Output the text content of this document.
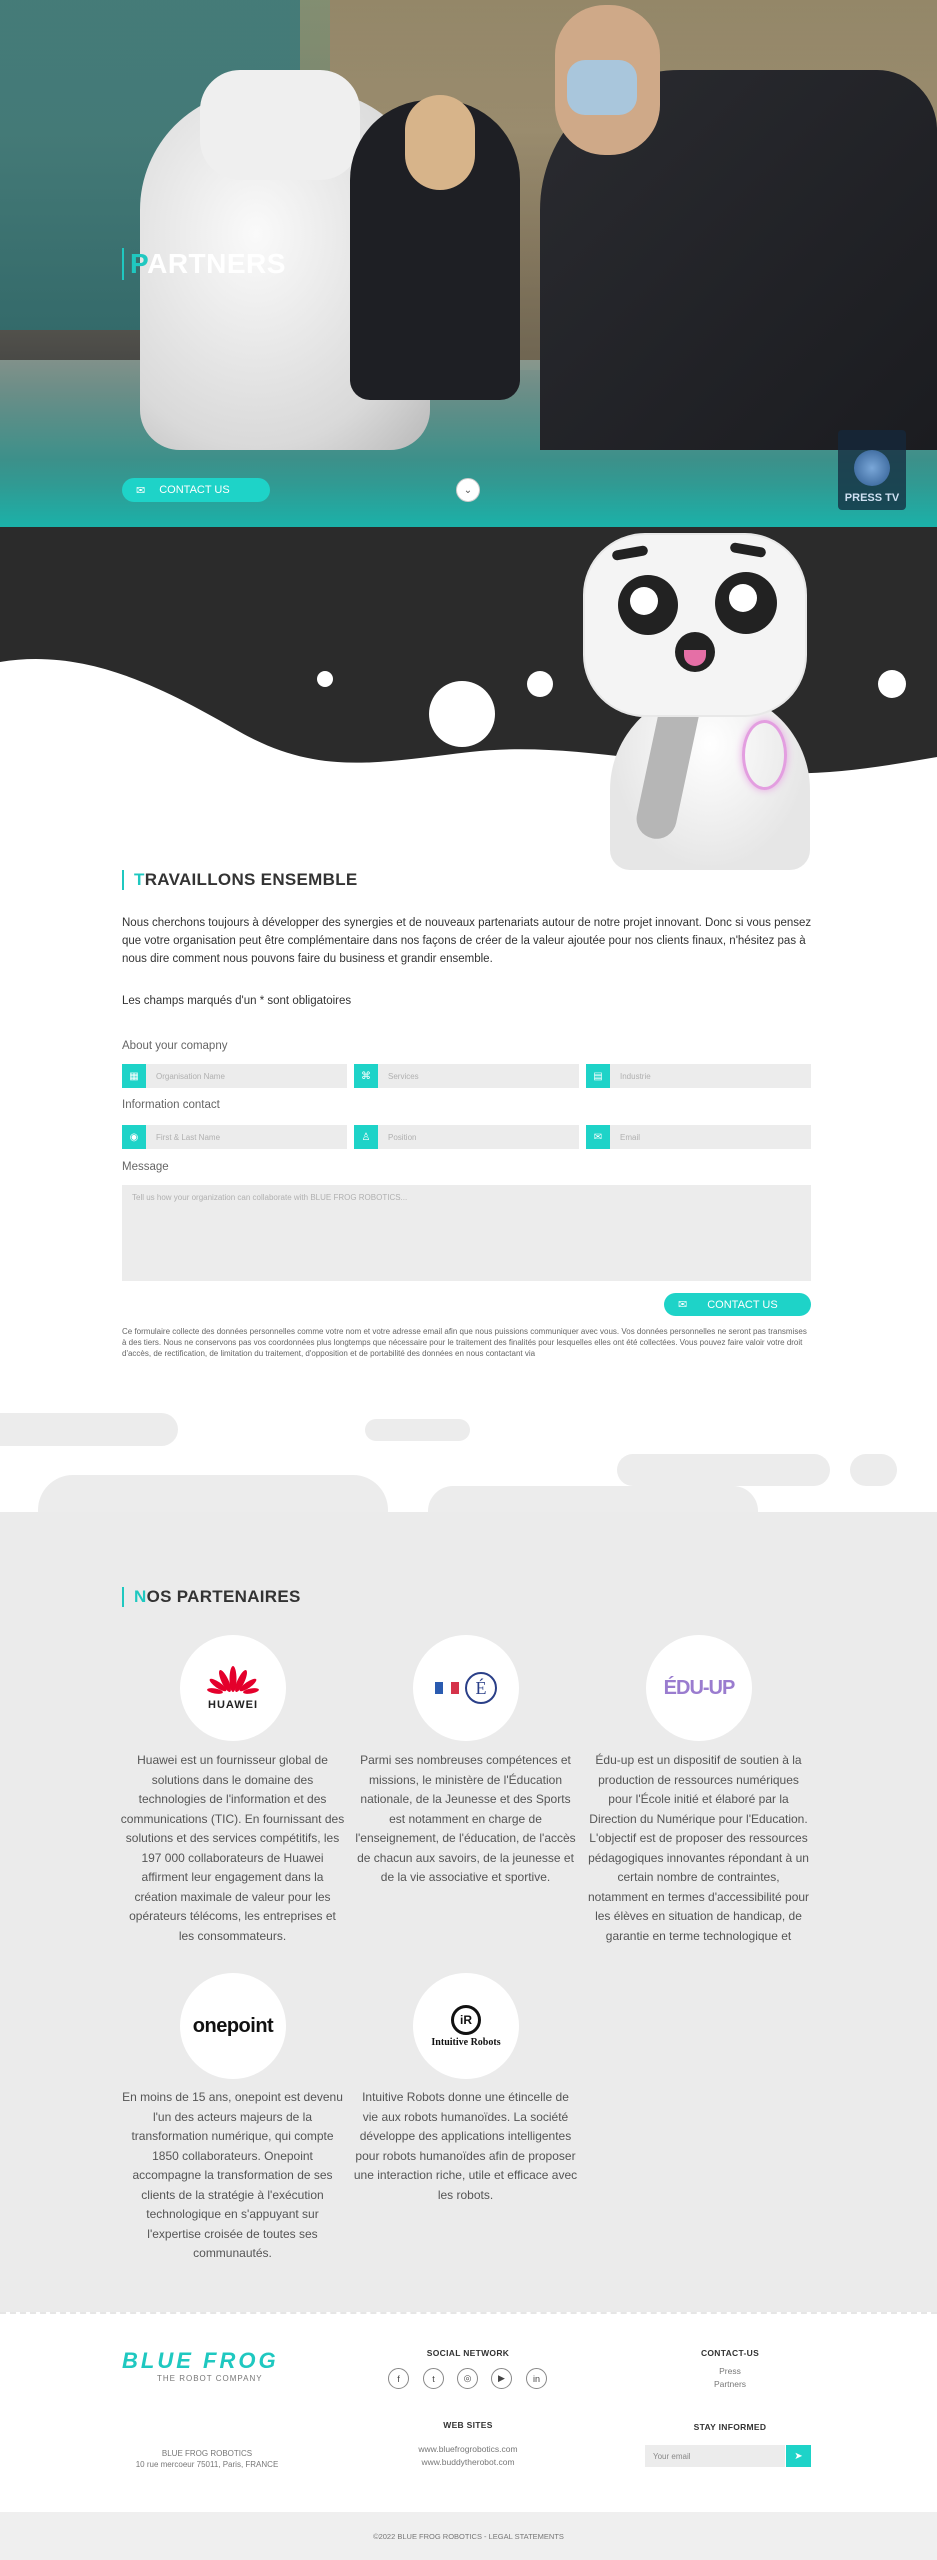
PARTNERS
✉ CONTACT US	⌄
PRESS TV
TRAVAILLONS ENSEMBLE

Nous cherchons toujours à développer des synergies et de nouveaux partenariats autour de notre projet innovant. Donc si vous pensez que votre organisation peut être complémentaire dans nos façons de créer de la valeur ajoutée pour nos clients finaux, n'hésitez pas à nous dire comment nous pouvons faire du business et grandir ensemble.

Les champs marqués d'un * sont obligatoires

About your comapny

▦	Organisation Name	⌘	Services	▤	Industrie

Information contact

◉	First & Last Name	♙	Position	✉	Email

Message

Tell us how your organization can collaborate with BLUE FROG ROBOTICS...
✉ CONTACT US

Ce formulaire collecte des données personnelles comme votre nom et votre adresse email afin que nous puissions communiquer avec vous. Vos données personnelles ne seront pas transmises à des tiers. Nous ne conservons pas vos coordonnées plus longtemps que nécessaire pour le traitement des finalités pour lesquelles elles ont été collectées. Vous pouvez faire valoir votre droit d'accès, de rectification, de limitation du traitement, d'opposition et de portabilité des données en nous contactant via

NOS PARTENAIRES
HUAWEI

Huawei est un fournisseur global de solutions dans le domaine des technologies de l'information et des communications (TIC). En fournissant des solutions et des services compétitifs, les 197 000 collaborateurs de Huawei affirment leur engagement dans la création maximale de valeur pour les opérateurs télécoms, les entreprises et les consommateurs.

É

Parmi ses nombreuses compétences et missions, le ministère de l'Éducation nationale, de la Jeunesse et des Sports est notamment en charge de l'enseignement, de l'éducation, de l'accès de chacun aux savoirs, de la jeunesse et de la vie associative et sportive.

ÉDU-UP

Édu-up est un dispositif de soutien à la production de ressources numériques pour l'École initié et élaboré par la Direction du Numérique pour l'Education. L'objectif est de proposer des ressources pédagogiques innovantes répondant à un certain nombre de contraintes, notamment en termes d'accessibilité pour les élèves en situation de handicap, de garantie en terme technologique et

onepoint

En moins de 15 ans, onepoint est devenu l'un des acteurs majeurs de la transformation numérique, qui compte 1850 collaborateurs. Onepoint accompagne la transformation de ses clients de la stratégie à l'exécution technologique en s'appuyant sur l'expertise croisée de toutes ses communautés.

iR
Intuitive Robots

Intuitive Robots donne une étincelle de vie aux robots humanoïdes. La société développe des applications intelligentes pour robots humanoïdes afin de proposer une interaction riche, utile et efficace avec les robots.

BLUE FROG
THE ROBOT COMPANY
BLUE FROG ROBOTICS
10 rue mercoeur 75011, Paris, FRANCE
SOCIAL NETWORK
f	t	◎	▶	in
WEB SITES
www.bluefrogrobotics.com
www.buddytherobot.com
CONTACT-US
Press
Partners
STAY INFORMED
Your email	➤
©2022 BLUE FROG ROBOTICS - LEGAL STATEMENTS
